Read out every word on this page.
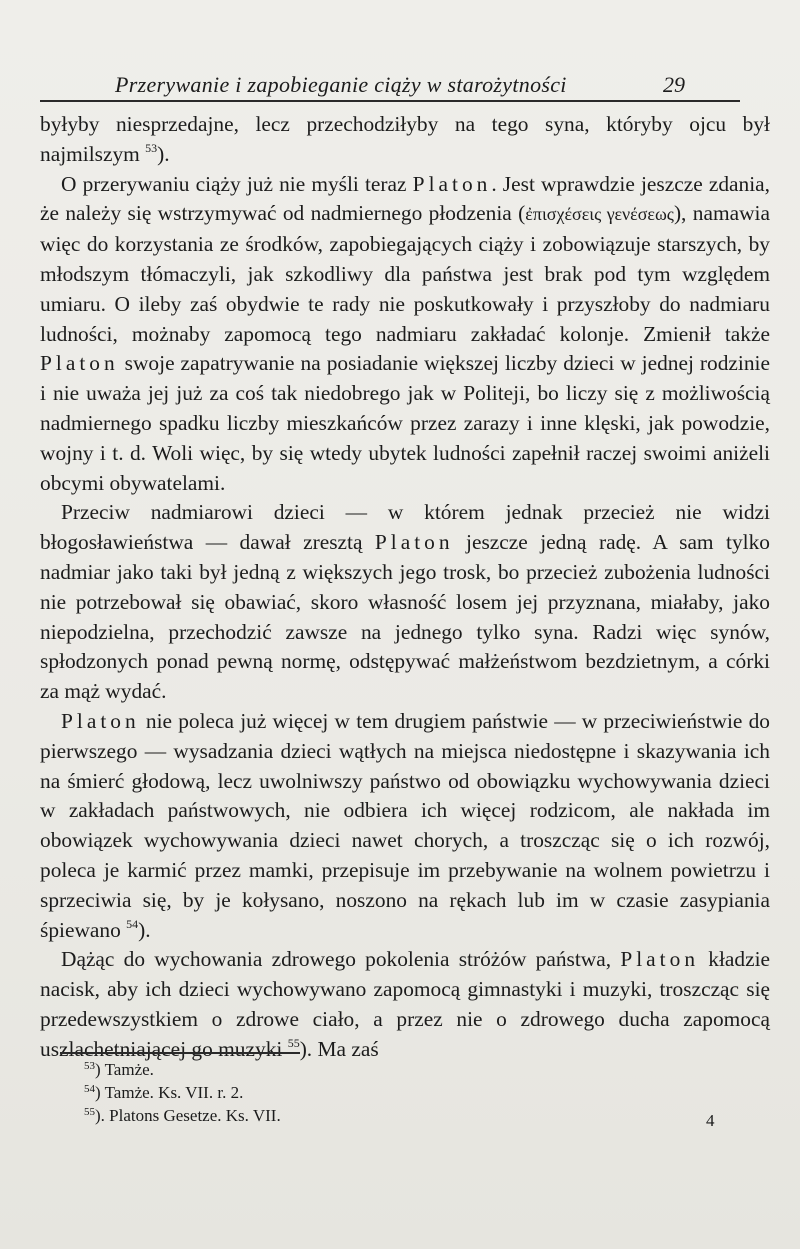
Przerywanie i zapobieganie ciąży w starożytności	29

byłyby niesprzedajne, lecz przechodziłyby na tego syna, któryby ojcu był najmilszym $^{53}$).

O przerywaniu ciąży już nie myśli teraz Platon. Jest wprawdzie jeszcze zdania, że należy się wstrzymywać od nadmiernego płodzenia (ἐπισχέσεις γενέσεως), namawia więc do korzystania ze środków, zapobiegających ciąży i zobowiązuje starszych, by młodszym tłómaczyli, jak szkodliwy dla państwa jest brak pod tym względem umiaru. O ileby zaś obydwie te rady nie poskutkowały i przyszłoby do nadmiaru ludności, możnaby zapomocą tego nadmiaru zakładać kolonje. Zmienił także Platon swoje zapatrywanie na posiadanie większej liczby dzieci w jednej rodzinie i nie uważa jej już za coś tak niedobrego jak w Politeji, bo liczy się z możliwością nadmiernego spadku liczby mieszkańców przez zarazy i inne klęski, jak powodzie, wojny i t. d. Woli więc, by się wtedy ubytek ludności zapełnił raczej swoimi aniżeli obcymi obywatelami.

Przeciw nadmiarowi dzieci — w którem jednak przecież nie widzi błogosławieństwa — dawał zresztą Platon jeszcze jedną radę. A sam tylko nadmiar jako taki był jedną z większych jego trosk, bo przecież zubożenia ludności nie potrzebował się obawiać, skoro własność losem jej przyznana, miałaby, jako niepodzielna, przechodzić zawsze na jednego tylko syna. Radzi więc synów, spłodzonych ponad pewną normę, odstępywać małżeństwom bezdzietnym, a córki za mąż wydać.

Platon nie poleca już więcej w tem drugiem państwie — w przeciwieństwie do pierwszego — wysadzania dzieci wątłych na miejsca niedostępne i skazywania ich na śmierć głodową, lecz uwolniwszy państwo od obowiązku wychowywania dzieci w zakładach państwowych, nie odbiera ich więcej rodzicom, ale nakłada im obowiązek wychowywania dzieci nawet chorych, a troszcząc się o ich rozwój, poleca je karmić przez mamki, przepisuje im przebywanie na wolnem powietrzu i sprzeciwia się, by je kołysano, noszono na rękach lub im w czasie zasypiania śpiewano $^{54}$).

Dążąc do wychowania zdrowego pokolenia stróżów państwa, Platon kładzie nacisk, aby ich dzieci wychowywano zapomocą gimnastyki i muzyki, troszcząc się przedewszystkiem o zdrowe ciało, a przez nie o zdrowego ducha zapomocą uszlachetniającej go muzyki $^{55}$). Ma zaś

$^{53}$) Tamże.
$^{54}$) Tamże. Ks. VII. r. 2.
$^{55}$). Platons Gesetze. Ks. VII.	4
